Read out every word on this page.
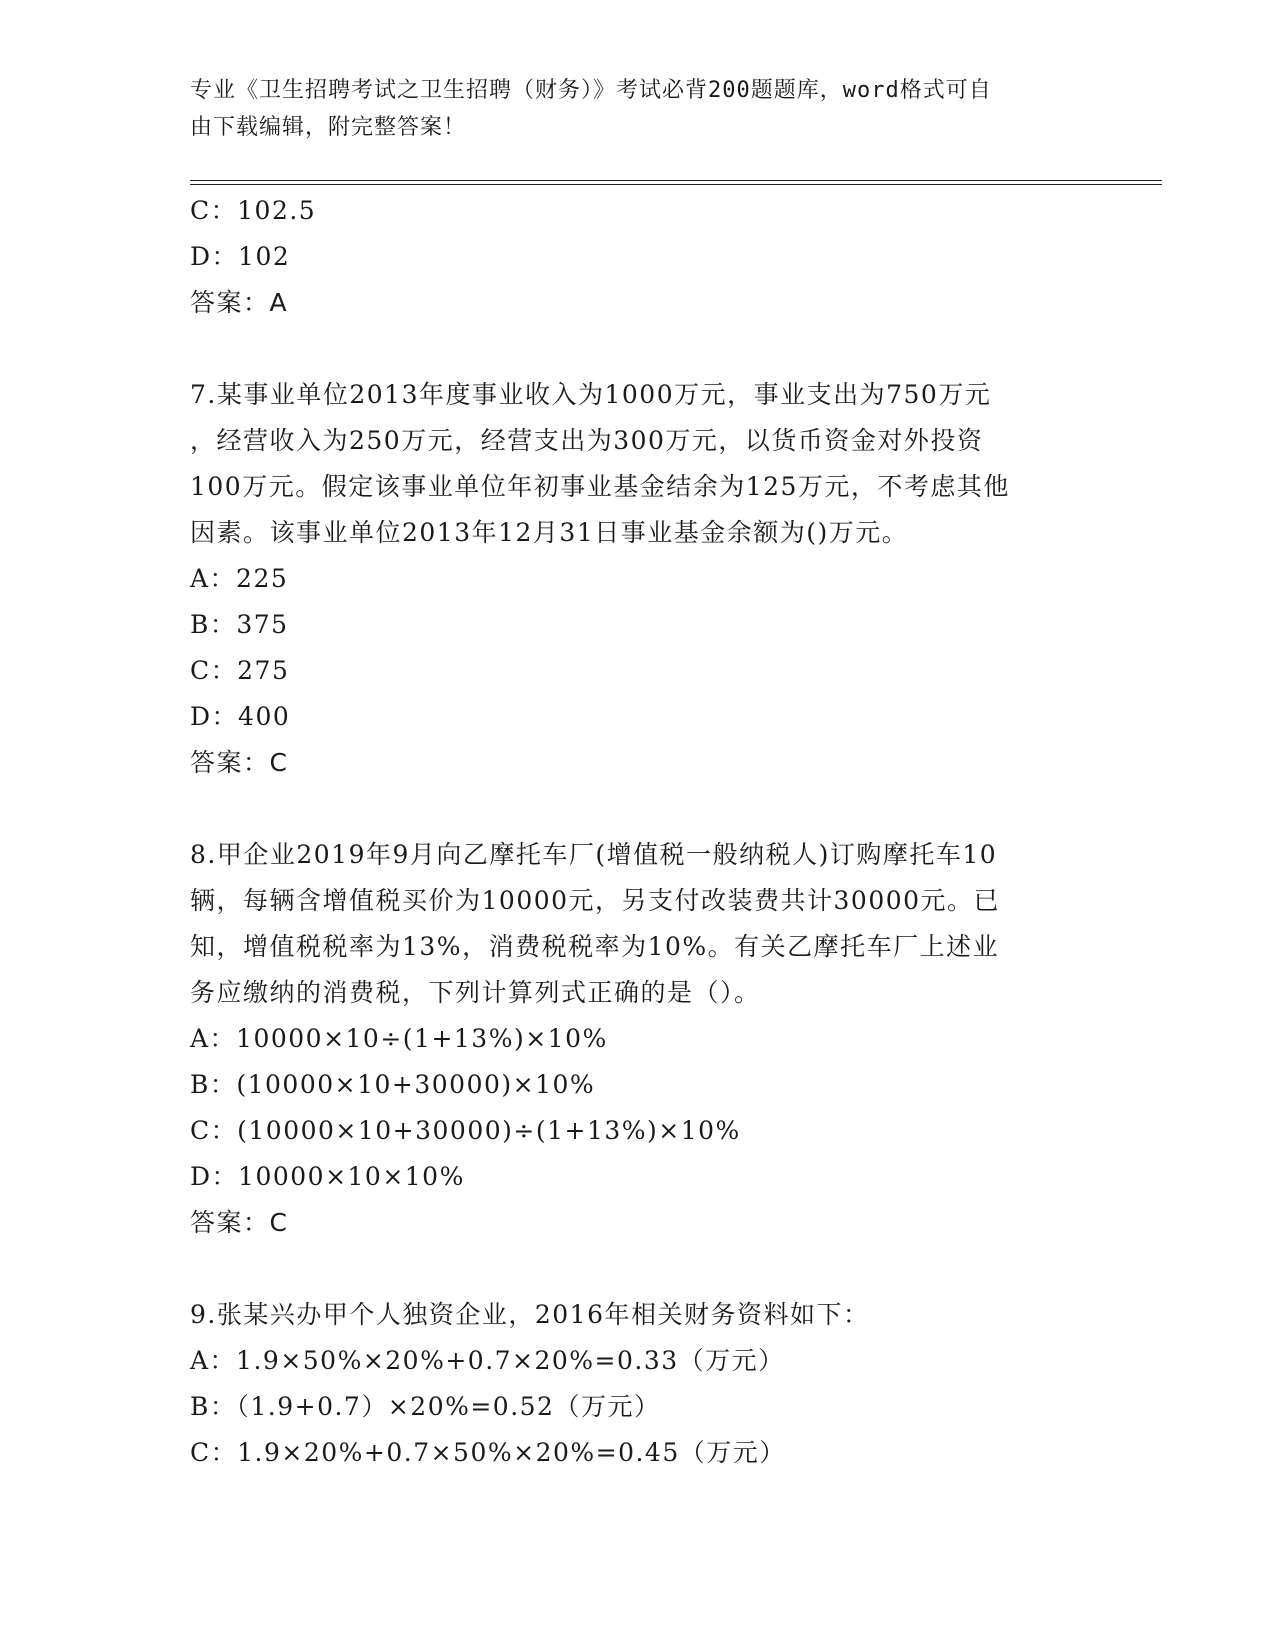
专业《卫生招聘考试之卫生招聘（财务）》考试必背200题题库，word格式可自
由下载编辑，附完整答案！
C：102.5
D：102
答案：A
7.某事业单位2013年度事业收入为1000万元，事业支出为750万元
，经营收入为250万元，经营支出为300万元，以货币资金对外投资
100万元。假定该事业单位年初事业基金结余为125万元，不考虑其他
因素。该事业单位2013年12月31日事业基金余额为()万元。
A：225
B：375
C：275
D：400
答案：C
8.甲企业2019年9月向乙摩托车厂(增值税一般纳税人)订购摩托车10
辆，每辆含增值税买价为10000元，另支付改装费共计30000元。已
知，增值税税率为13%，消费税税率为10%。有关乙摩托车厂上述业
务应缴纳的消费税，下列计算列式正确的是（）。
A：10000×10÷(1+13%)×10%
B：(10000×10+30000)×10%
C：(10000×10+30000)÷(1+13%)×10%
D：10000×10×10%
答案：C
9.张某兴办甲个人独资企业，2016年相关财务资料如下：
A：1.9×50%×20%+0.7×20%=0.33（万元）
B：（1.9+0.7）×20%=0.52（万元）
C：1.9×20%+0.7×50%×20%=0.45（万元）
